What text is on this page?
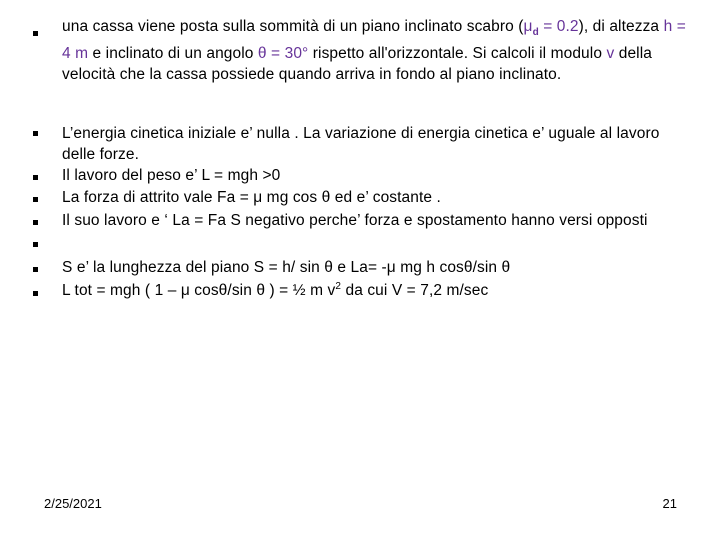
una cassa viene posta sulla sommità di un piano inclinato scabro $(\mu_d = 0.2)$, di altezza h = 4 m e inclinato di un angolo θ = 30° rispetto all'orizzontale. Si calcoli il modulo v della velocità che la cassa possiede quando arriva in fondo al piano inclinato.
L’energia cinetica iniziale e’ nulla . La variazione di energia cinetica e’ uguale al lavoro delle forze.
Il lavoro del peso e’ L = mgh >0
La forza di attrito vale Fa = μ mg cos θ ed e’ costante .
Il suo lavoro e ‘ La = Fa S negativo perche’ forza e spostamento hanno versi opposti
S e’ la lunghezza del piano S = h/ sin θ e La= -μ mg h cosθ/sin θ
L tot = mgh ( 1 – μ cosθ/sin θ ) = ½ m $v^2$ da cui V = 7,2 m/sec
2/25/2021	21
